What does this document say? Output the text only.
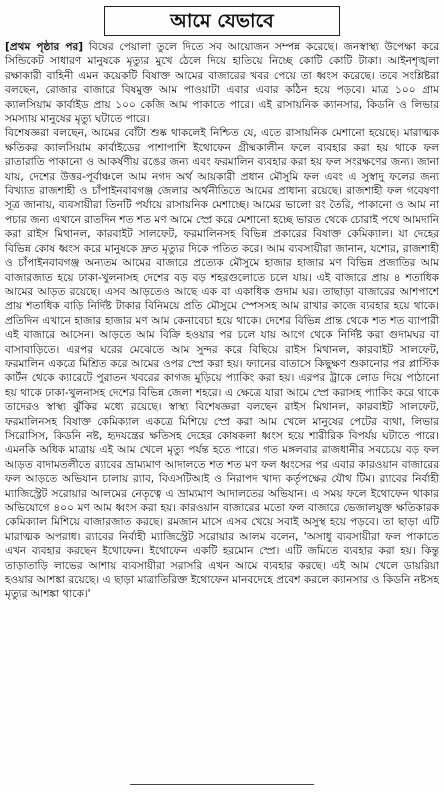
আমে যেভাবে

[প্রথম পৃষ্ঠার পর] বিষের পেয়ালা তুলে দিতে সব আয়োজন সম্পন্ন করেছে। জনস্বাস্থ্য উপেক্ষা করে সিন্ডিকেট সাধারণ মানুষকে মৃত্যুর মুখে ঠেলে দিয়ে হাতিয়ে নিচ্ছে কোটি কোটি টাকা। আইনশৃঙ্খলা রক্ষাকারী বাহিনী এমন কয়েকটি বিষাক্ত আমের বাজারের খবর পেয়ে তা ধ্বংস করেছে। তবে সংশ্লিষ্টরা বলছেন, রোজার বাজারে বিষমুক্ত আম পাওয়াটা এবার এবার কঠিন হয়ে পড়বে। মাত্র ১০০ গ্রাম ক্যালসিয়াম কার্বাইড প্রায় ১০০ কেজি আম পাকাতে পারে। এই রাসায়নিক ক্যানসার, কিডনি ও লিভার সমস্যায় মানুষের মৃত্যু ঘটাতে পারে।

বিশেষজ্ঞরা বলছেন, আমের বোঁটা শুষ্ক থাকলেই নিশ্চিত যে, এতে রাসায়নিক মেশানো হয়েছে। মারাত্মক ক্ষতিকর ক্যালসিয়াম কার্বাইডের পাশাপাশি ইথোফেন গ্রীষ্মকালীন ফলে ব্যবহার করা হয় থাকে ফল রাতারাতি পাকানো ও আকর্ষণীয় রঙের জন্য এবং ফরমালিন ব্যবহার করা হয় ফল সংরক্ষণের জন্য। জানা যায়, দেশের উত্তর-পূর্বাঞ্চলে আম নগদ অর্থ আয়কারী প্রধান মৌসুমি ফল এবং এ সুস্বাদু ফলের জন্য বিখ্যাত রাজশাহী ও চাঁপাইনবাবগঞ্জ জেলার অর্থনীতিতে আমের প্রাধান্য রয়েছে। রাজশাহী ফল গবেষণা সূত্র জানায়, ব্যবসায়ীরা তিনটি পর্যায়ে রাসায়নিক মেশাচ্ছে। আমের ভালো রং তৈরি, পাকানো ও আম না পচার জন্য এখানে রাতদিন শত শত মণ আমে স্প্রে করে মেশানো হচ্ছে ভারত থেকে চোরাই পথে আমদানি করা রাইস মিথানল, কারবাইট সালফেট, ফরমালিনসহ বিভিন্ন প্রকারের বিষাক্ত কেমিক্যাল। যা দেহের বিভিন্ন কোষ ধ্বংস করে মানুষকে দ্রুত মৃত্যুর দিকে পতিত করে। আম ব্যবসায়ীরা জানান, যশোর, রাজশাহী ও চাঁপাইনবাবগঞ্জ অন্যতম আমের বাজারে প্রত্যেক মৌসুমে হাজার হাজার মণ বিভিন্ন প্রজাতির আম বাজারজাত হয়ে ঢাকা-খুলনাসহ দেশের বড় বড় শহরগুলোতে চলে যায়। এই বাজারে প্রায় ৪ শতাধিক আমের আড়ত রয়েছে। এসব আড়তেও আছে এক বা একাধিক গুদাম ঘর। তাছাড়া বাজারের আশপাশে প্রায় শতাধিক বাড়ি নির্দিষ্ট টাকার বিনিময়ে প্রতি মৌসুমে স্পেসসহ আম রাখার কাজে ব্যবহার হয়ে থাকে। প্রতিদিন এখানে হাজার হাজার মণ আম কেনাবেচা হয়ে থাকে। দেশের বিভিন্ন প্রান্ত থেকে শত শত ব্যাপারী এই বাজারে আসেন। আড়তে আম বিক্রি হওয়ার পর চলে যায় আগে থেকে নির্দিষ্ট করা গুদামঘর বা বাসাবাড়িতে। এরপর ঘরের মেঝেতে আম সুন্দর করে বিছিয়ে রাইস মিথানল, কারবাইট সালফেট, ফরমালিন একত্রে মিশ্রিত করে আমের ওপর স্প্রে করা হয়। ফ্যানের বাতাসে কিছুক্ষণ শুকানোর পর প্লাস্টিক কার্টন থেকে ক্যারেটে পুরাতন খবরের কাগজ মুড়িয়ে প্যাকিং করা হয়। এরপর ট্রাকে লোড দিয়ে পাঠানো হয় থাকে ঢাকা-খুলনাসহ দেশের বিভিন্ন জেলা শহরে। এ ক্ষেত্রে যারা আমে স্প্রে করাসহ প্যাকিং করে থাকে তাদেরও স্বাস্থ্য ঝুঁকির মধ্যে রয়েছে। স্বাস্থ্য বিশেষজ্ঞরা বলছেন রাইস মিথানল, কারবাইট সালফেট, ফরমালিনসহ বিষাক্ত কেমিক্যাল একত্রে মিশিয়ে স্প্রে করা আম খেলে মানুষের পেটের ব্যথা, লিভার সিরোসিস, কিডনি নষ্ট, হৃদযন্ত্রের ক্ষতিসহ দেহের কোষকলা ধ্বংস হয়ে শারীরিক বিপর্যয় ঘটাতে পারে। এমনকি অধিক মাত্রায় এই আম খেলে মৃত্যু পর্যন্ত হতে পারে। গত মঙ্গলবার রাজধানীর সবচেয়ে বড় ফল আড়ত বাদামতলীতে র‍্যাবের ভ্রাম্যমাণ আদালতে শত শত মণ ফল ধ্বংসের পর এবার কারওয়ান বাজারের ফল আড়তে অভিযান চালায় র‍্যাব, বিএসটিআই ও নিরাপদ খাদ্য কর্তৃপক্ষের যৌথ টিম। র‍্যাবের নির্বাহী ম্যাজিস্ট্রেট সরোয়ার আলমের নেতৃত্বে এ ভ্রাম্যমাণ আদালতের অভিযান। এ সময় ফলে ইথোফেন থাকার অভিযোগে ৪০০ মণ আম ধ্বংস করা হয়। কারওয়ান বাজারের মতো ফল বাজারে ভেজালযুক্ত ক্ষতিকারক কেমিক্যাল মিশিয়ে বাজারজাত করছে। রমজান মাসে এসব খেয়ে সবাই অসুস্থ হয়ে পড়বে। তা ছাড়া এটি মারাত্মক অপরাধ। র‍্যাবের নির্বাহী ম্যাজিস্ট্রেট সরোয়ার আলম বলেন, 'অসাধু ব্যবসায়ীরা ফল পাকাতে এখন ব্যবহার করছেন ইথোফেন। ইথোফেন একটি হরমোন স্প্রে। এটি জমিতে ব্যবহার করা হয়। কিন্তু তাড়াতাড়ি লাভের আশায় ব্যবসায়ীরা সরাসরি এখন আমে ব্যবহার করছে। এই আম খেলে ডায়রিয়া হওয়ার আশঙ্কা রয়েছে। এ ছাড়া মাত্রাতিরিক্ত ইথোফেন মানবদেহে প্রবেশ করলে ক্যানসার ও কিডনি নষ্টসহ মৃত্যুর আশঙ্কা থাকে।'
